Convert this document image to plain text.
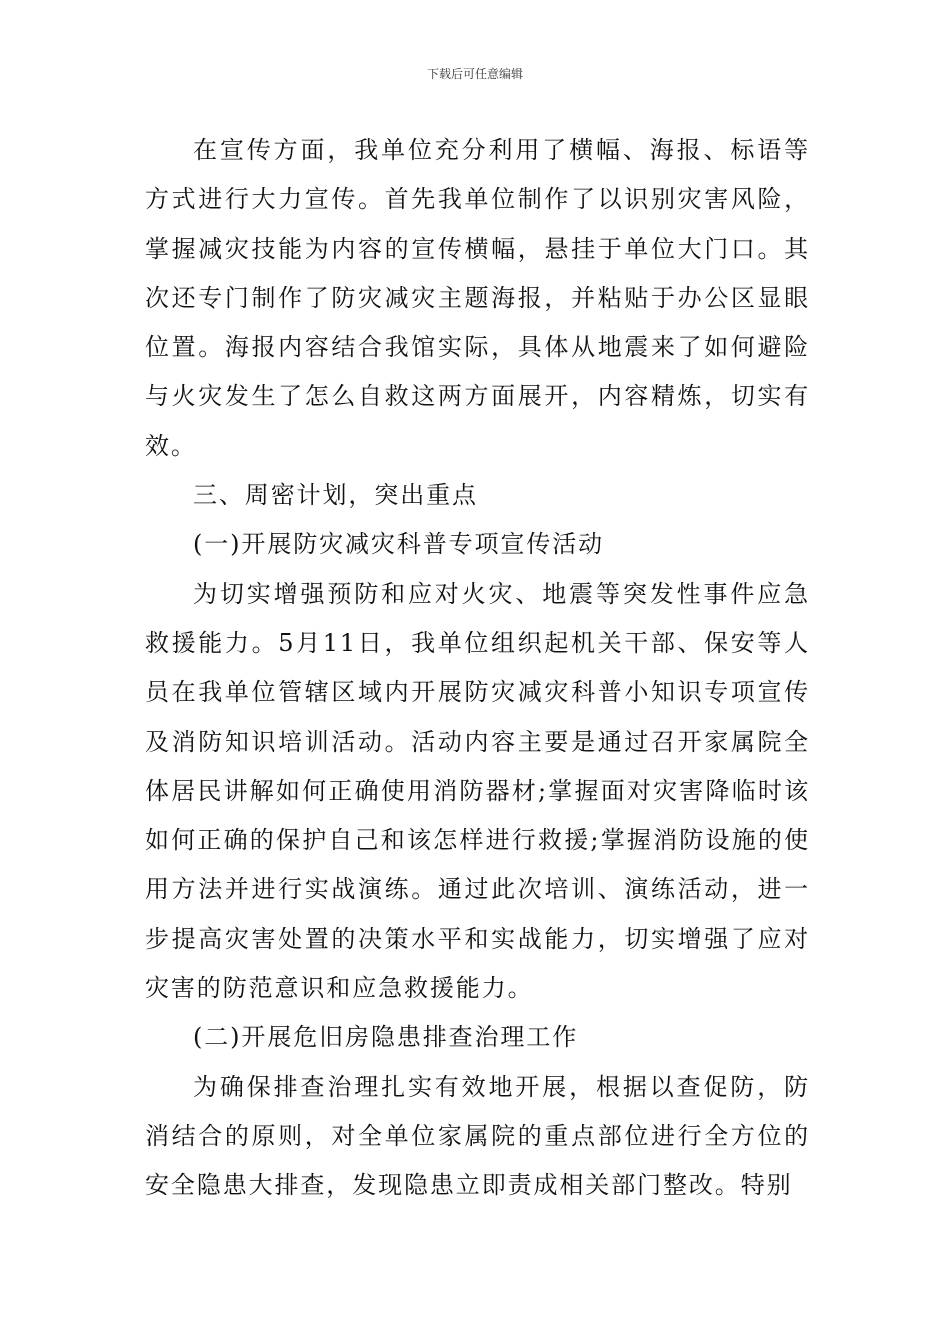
下载后可任意编辑

在宣传方面，我单位充分利用了横幅、海报、标语等方式进行大力宣传。首先我单位制作了以识别灾害风险，掌握减灾技能为内容的宣传横幅，悬挂于单位大门口。其次还专门制作了防灾减灾主题海报，并粘贴于办公区显眼位置。海报内容结合我馆实际，具体从地震来了如何避险与火灾发生了怎么自救这两方面展开，内容精炼，切实有效。

三、周密计划，突出重点

(一)开展防灾减灾科普专项宣传活动

为切实增强预防和应对火灾、地震等突发性事件应急救援能力。5月11日，我单位组织起机关干部、保安等人员在我单位管辖区域内开展防灾减灾科普小知识专项宣传及消防知识培训活动。活动内容主要是通过召开家属院全体居民讲解如何正确使用消防器材;掌握面对灾害降临时该如何正确的保护自己和该怎样进行救援;掌握消防设施的使用方法并进行实战演练。通过此次培训、演练活动，进一步提高灾害处置的决策水平和实战能力，切实增强了应对灾害的防范意识和应急救援能力。

(二)开展危旧房隐患排查治理工作

为确保排查治理扎实有效地开展，根据以查促防，防消结合的原则，对全单位家属院的重点部位进行全方位的安全隐患大排查，发现隐患立即责成相关部门整改。特别
